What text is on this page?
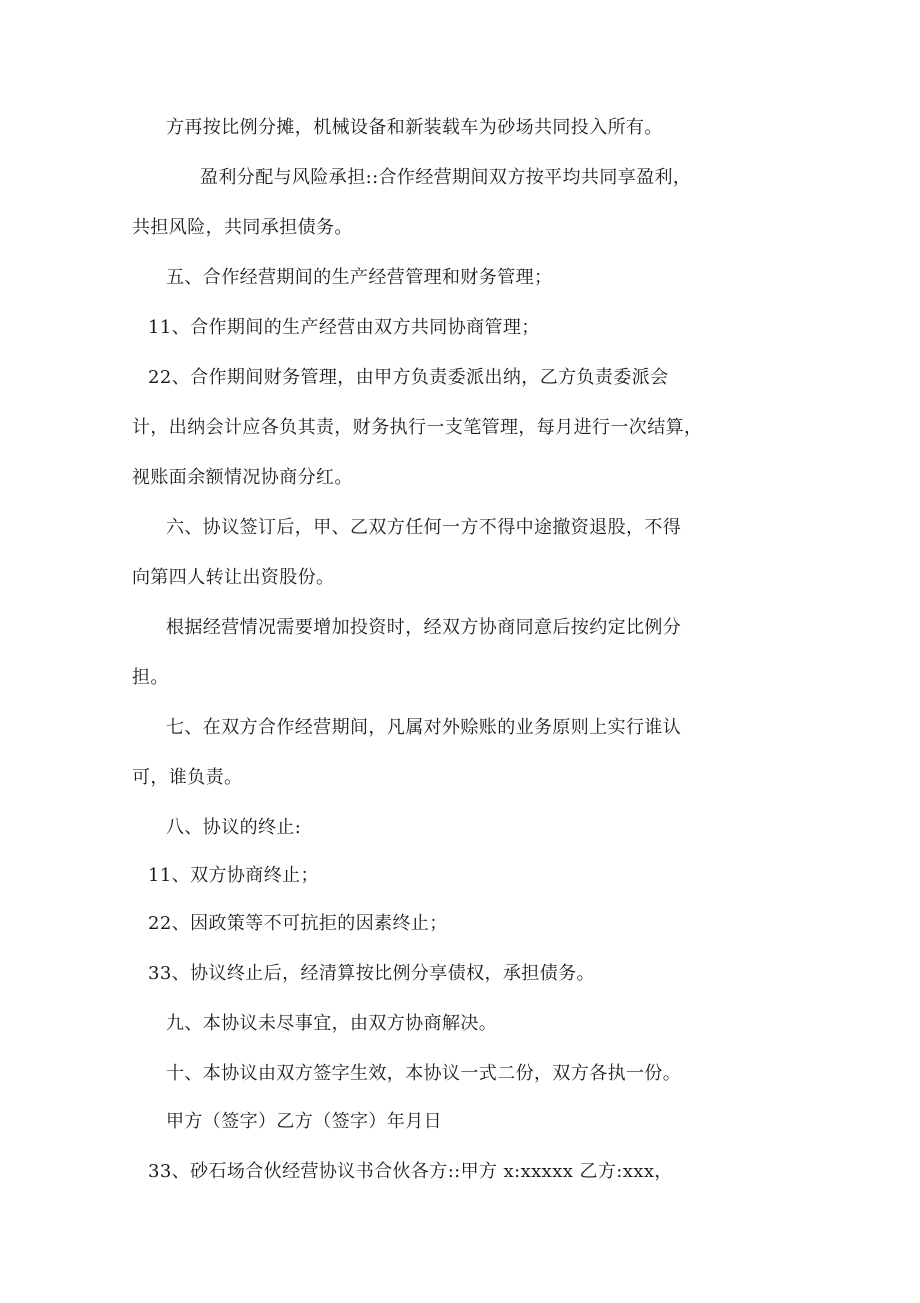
方再按比例分摊，机械设备和新装载车为砂场共同投入所有。
盈利分配与风险承担::合作经营期间双方按平均共同享盈利，
共担风险，共同承担债务。
五、合作经营期间的生产经营管理和财务管理；
11、合作期间的生产经营由双方共同协商管理；
22、合作期间财务管理，由甲方负责委派出纳，乙方负责委派会
计，出纳会计应各负其责，财务执行一支笔管理，每月进行一次结算，
视账面余额情况协商分红。
六、协议签订后，甲、乙双方任何一方不得中途撤资退股，不得
向第四人转让出资股份。
根据经营情况需要增加投资时，经双方协商同意后按约定比例分
担。
七、在双方合作经营期间，凡属对外赊账的业务原则上实行谁认
可，谁负责。
八、协议的终止:
11、双方协商终止；
22、因政策等不可抗拒的因素终止；
33、协议终止后，经清算按比例分享债权，承担债务。
九、本协议未尽事宜，由双方协商解决。
十、本协议由双方签字生效，本协议一式二份，双方各执一份。
甲方（签字）乙方（签字）年月日
33、砂石场合伙经营协议书合伙各方::甲方 x:xxxxx 乙方:xxx，
